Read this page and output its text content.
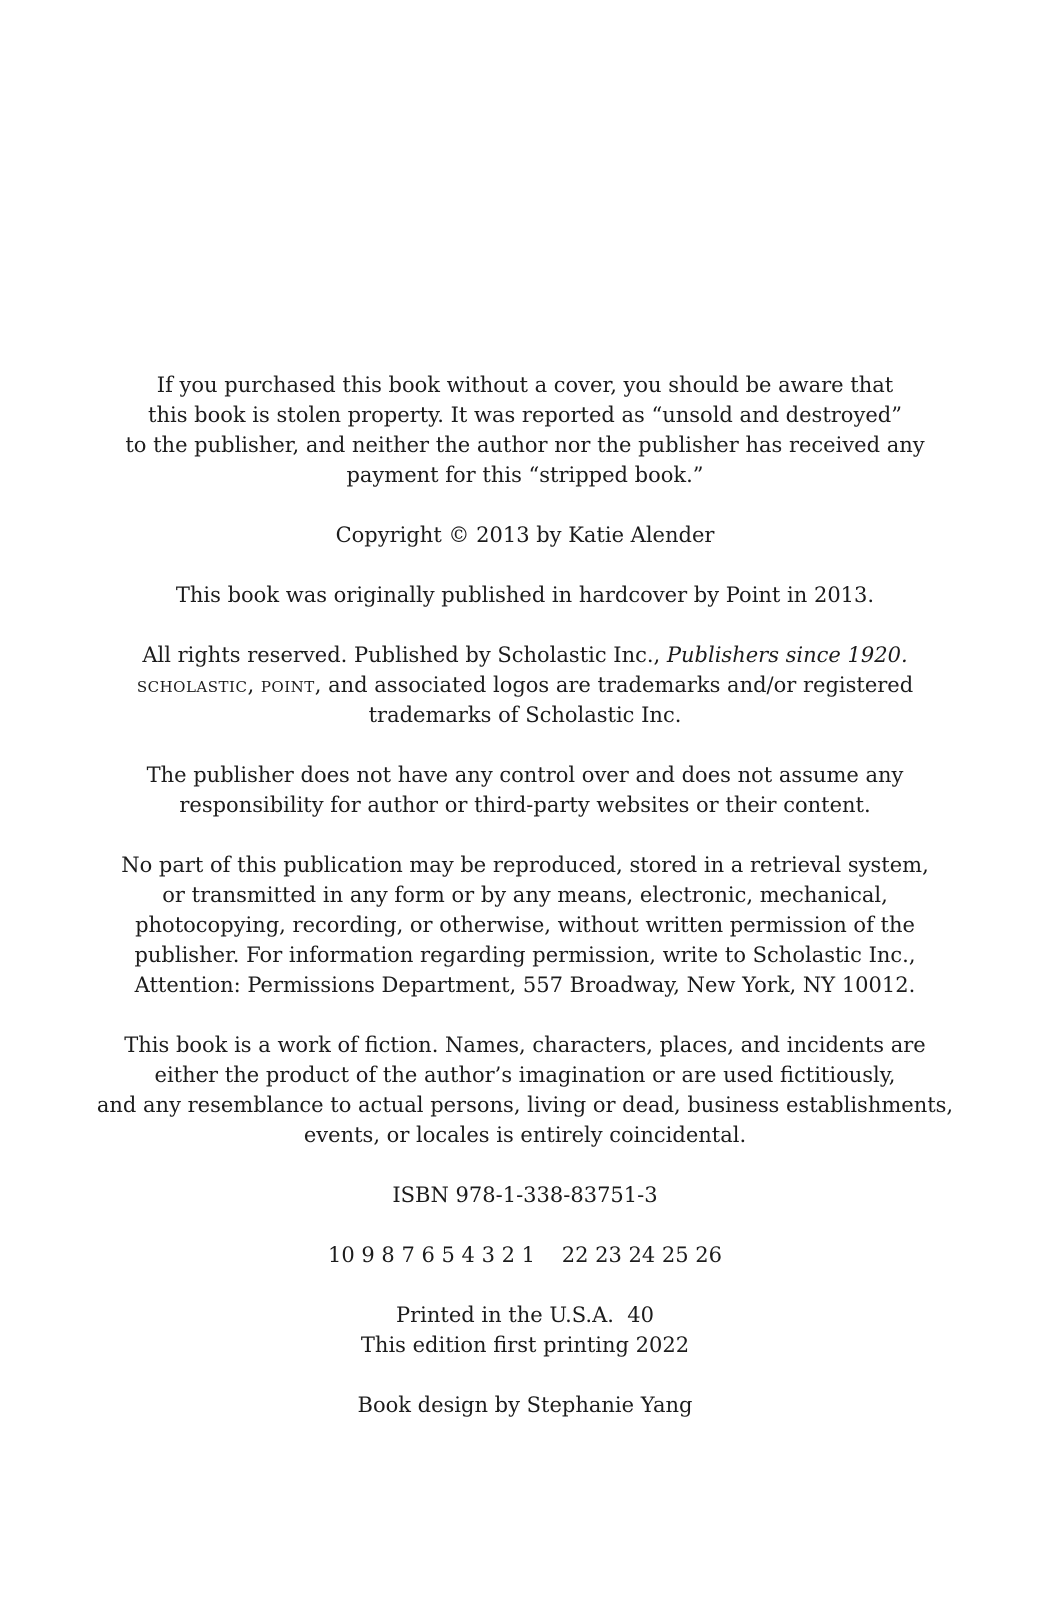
If you purchased this book without a cover, you should be aware that
this book is stolen property. It was reported as “unsold and destroyed”
to the publisher, and neither the author nor the publisher has received any
payment for this “stripped book.”
Copyright © 2013 by Katie Alender
This book was originally published in hardcover by Point in 2013.
All rights reserved. Published by Scholastic Inc., Publishers since 1920.
scholastic, point, and associated logos are trademarks and/or registered
trademarks of Scholastic Inc.
The publisher does not have any control over and does not assume any
responsibility for author or third-party websites or their content.
No part of this publication may be reproduced, stored in a retrieval system,
or transmitted in any form or by any means, electronic, mechanical,
photocopying, recording, or otherwise, without written permission of the
publisher. For information regarding permission, write to Scholastic Inc.,
Attention: Permissions Department, 557 Broadway, New York, NY 10012.
This book is a work of fiction. Names, characters, places, and incidents are
either the product of the author’s imagination or are used fictitiously,
and any resemblance to actual persons, living or dead, business establishments,
events, or locales is entirely coincidental.
ISBN 978-1-338-83751-3
10 9 8 7 6 5 4 3 2 1    22 23 24 25 26
Printed in the U.S.A.  40
This edition first printing 2022
Book design by Stephanie Yang
